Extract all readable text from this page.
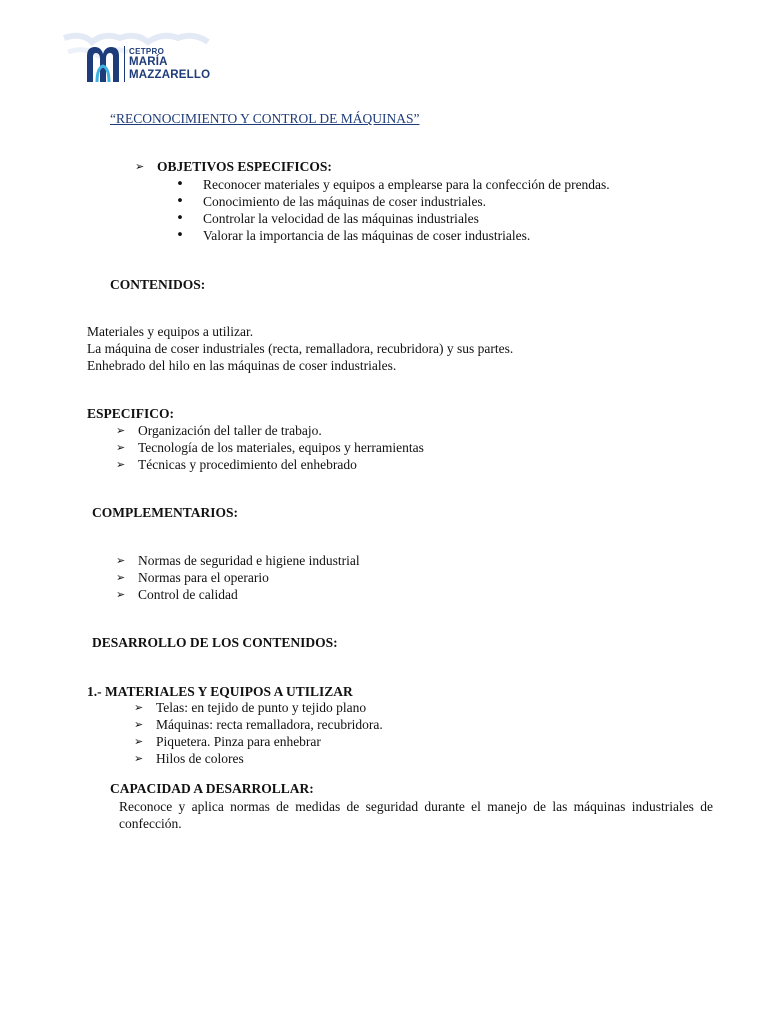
CETPRO
MARÍA
MAZZARELLO
“RECONOCIMIENTO Y CONTROL DE MÁQUINAS”
➢ OBJETIVOS ESPECIFICOS:
• Reconocer materiales y equipos a emplearse para la confección de prendas.
• Conocimiento de las máquinas de coser industriales.
• Controlar la velocidad de las máquinas industriales
• Valorar la importancia de las máquinas de coser industriales.
CONTENIDOS:
Materiales y equipos a utilizar.
La máquina de coser industriales (recta, remalladora, recubridora) y sus partes.
Enhebrado del hilo en las máquinas de coser industriales.
ESPECIFICO:
➢ Organización del taller de trabajo.
➢ Tecnología de los materiales, equipos y herramientas
➢ Técnicas y procedimiento del enhebrado
COMPLEMENTARIOS:
➢ Normas de seguridad e higiene industrial
➢ Normas para el operario
➢ Control de calidad
DESARROLLO DE LOS CONTENIDOS:
1.- MATERIALES Y EQUIPOS A UTILIZAR
➢ Telas: en tejido de punto y tejido plano
➢ Máquinas: recta remalladora, recubridora.
➢ Piquetera. Pinza para enhebrar
➢ Hilos de colores
CAPACIDAD A DESARROLLAR:
Reconoce y aplica normas de medidas de seguridad durante el manejo de las máquinas industriales de confección.
